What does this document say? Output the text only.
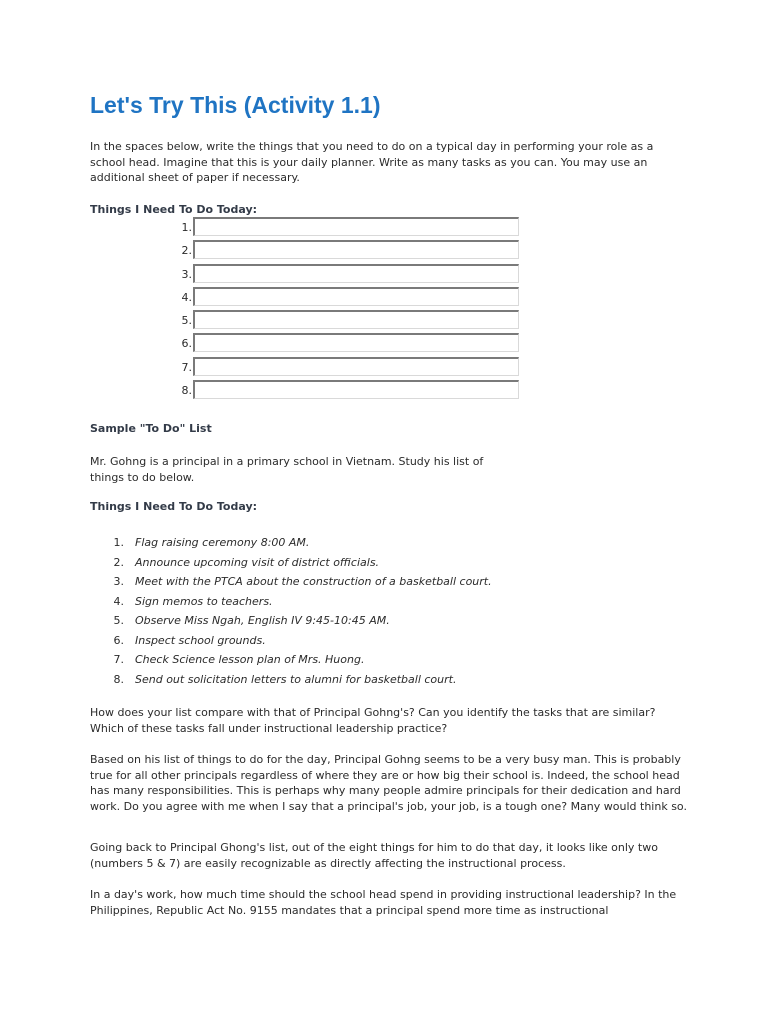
Let's Try This (Activity 1.1)

In the spaces below, write the things that you need to do on a typical day in performing your role as a school head. Imagine that this is your daily planner. Write as many tasks as you can. You may use an additional sheet of paper if necessary.

Things I Need To Do Today:

1.
2.
3.
4.
5.
6.
7.
8.

Sample "To Do" List

Mr. Gohng is a principal in a primary school in Vietnam. Study his list of things to do below.

Things I Need To Do Today:

1. Flag raising ceremony 8:00 AM.
2. Announce upcoming visit of district officials.
3. Meet with the PTCA about the construction of a basketball court.
4. Sign memos to teachers.
5. Observe Miss Ngah, English IV 9:45-10:45 AM.
6. Inspect school grounds.
7. Check Science lesson plan of Mrs. Huong.
8. Send out solicitation letters to alumni for basketball court.

How does your list compare with that of Principal Gohng's? Can you identify the tasks that are similar? Which of these tasks fall under instructional leadership practice?

Based on his list of things to do for the day, Principal Gohng seems to be a very busy man. This is probably true for all other principals regardless of where they are or how big their school is. Indeed, the school head has many responsibilities. This is perhaps why many people admire principals for their dedication and hard work. Do you agree with me when I say that a principal's job, your job, is a tough one? Many would think so.

Going back to Principal Ghong's list, out of the eight things for him to do that day, it looks like only two (numbers 5 & 7) are easily recognizable as directly affecting the instructional process.

In a day's work, how much time should the school head spend in providing instructional leadership? In the Philippines, Republic Act No. 9155 mandates that a principal spend more time as instructional
